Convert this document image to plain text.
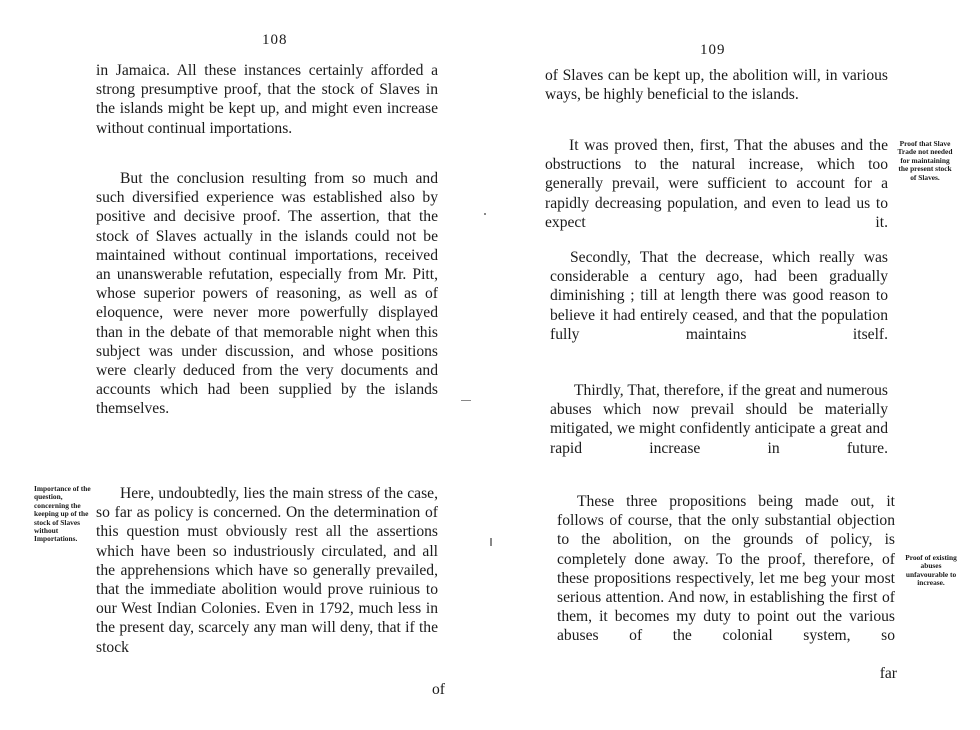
108
in Jamaica. All these instances certainly afforded a strong presumptive proof, that the stock of Slaves in the islands might be kept up, and might even increase without continual importations.
But the conclusion resulting from so much and such diversified experience was established also by positive and decisive proof. The assertion, that the stock of Slaves actually in the islands could not be maintained without continual importations, received an unanswerable refutation, especially from Mr. Pitt, whose superior powers of reasoning, as well as of eloquence, were never more powerfully displayed than in the debate of that memorable night when this subject was under discussion, and whose positions were clearly deduced from the very documents and accounts which had been supplied by the islands themselves.
Importance of the question, concerning the keeping up of the stock of Slaves without Importations.
Here, undoubtedly, lies the main stress of the case, so far as policy is concerned. On the determination of this question must obviously rest all the assertions which have been so industriously circulated, and all the apprehensions which have so generally prevailed, that the immediate abolition would prove ruinious to our West Indian Colonies. Even in 1792, much less in the present day, scarcely any man will deny, that if the stock
of
109
of Slaves can be kept up, the abolition will, in various ways, be highly beneficial to the islands.
It was proved then, first, That the abuses and the obstructions to the natural increase, which too generally prevail, were sufficient to account for a rapidly decreasing population, and even to lead us to expect it.
Proof that Slave Trade not needed for maintaining the present stock of Slaves.
Secondly, That the decrease, which really was considerable a century ago, had been gradually diminishing ; till at length there was good reason to believe it had entirely ceased, and that the population fully maintains itself.
Thirdly, That, therefore, if the great and numerous abuses which now prevail should be materially mitigated, we might confidently anticipate a great and rapid increase in future.
These three propositions being made out, it follows of course, that the only substantial objection to the abolition, on the grounds of policy, is completely done away. To the proof, therefore, of these propositions respectively, let me beg your most serious attention. And now, in establishing the first of them, it becomes my duty to point out the various abuses of the colonial system, so
Proof of existing abuses unfavourable to increase.
far
